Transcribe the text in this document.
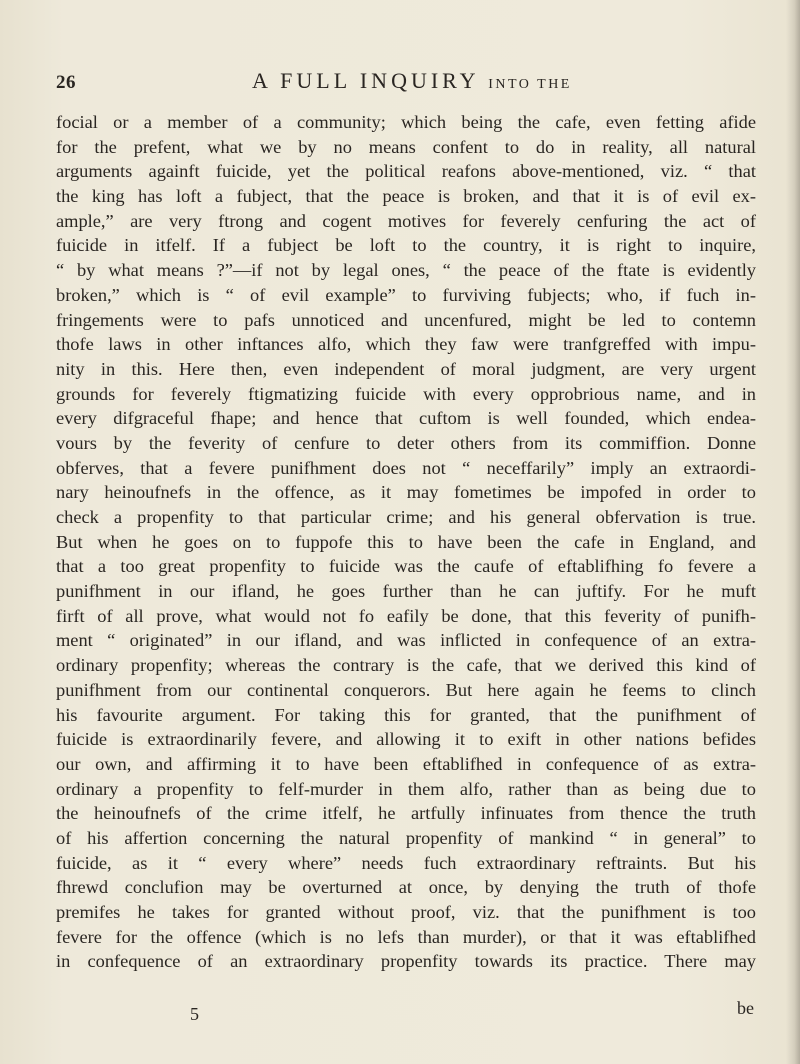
26	A FULL INQUIRY INTO THE
focial or a member of a community; which being the cafe, even fetting afide
for the prefent, what we by no means confent to do in reality, all natural
arguments againft fuicide, yet the political reafons above-mentioned, viz. “ that
the king has loft a fubject, that the peace is broken, and that it is of evil ex-
ample,” are very ftrong and cogent motives for feverely cenfuring the act of
fuicide in itfelf. If a fubject be loft to the country, it is right to inquire,
“ by what means ?”—if not by legal ones, “ the peace of the ftate is evidently
broken,” which is “ of evil example” to furviving fubjects; who, if fuch in-
fringements were to pafs unnoticed and uncenfured, might be led to contemn
thofe laws in other inftances alfo, which they faw were tranfgreffed with impu-
nity in this. Here then, even independent of moral judgment, are very urgent
grounds for feverely ftigmatizing fuicide with every opprobrious name, and in
every difgraceful fhape; and hence that cuftom is well founded, which endea-
vours by the feverity of cenfure to deter others from its commiffion. Donne
obferves, that a fevere punifhment does not “ neceffarily” imply an extraordi-
nary heinoufnefs in the offence, as it may fometimes be impofed in order to
check a propenfity to that particular crime; and his general obfervation is true.
But when he goes on to fuppofe this to have been the cafe in England, and
that a too great propenfity to fuicide was the caufe of eftablifhing fo fevere a
punifhment in our ifland, he goes further than he can juftify. For he muft
firft of all prove, what would not fo eafily be done, that this feverity of punifh-
ment “ originated” in our ifland, and was inflicted in confequence of an extra-
ordinary propenfity; whereas the contrary is the cafe, that we derived this kind of
punifhment from our continental conquerors. But here again he feems to clinch
his favourite argument. For taking this for granted, that the punifhment of
fuicide is extraordinarily fevere, and allowing it to exift in other nations befides
our own, and affirming it to have been eftablifhed in confequence of as extra-
ordinary a propenfity to felf-murder in them alfo, rather than as being due to
the heinoufnefs of the crime itfelf, he artfully infinuates from thence the truth
of his affertion concerning the natural propenfity of mankind “ in general” to
fuicide, as it “ every where” needs fuch extraordinary reftraints. But his
fhrewd conclufion may be overturned at once, by denying the truth of thofe
premifes he takes for granted without proof, viz. that the punifhment is too
fevere for the offence (which is no lefs than murder), or that it was eftablifhed
in confequence of an extraordinary propenfity towards its practice. There may
5	be
